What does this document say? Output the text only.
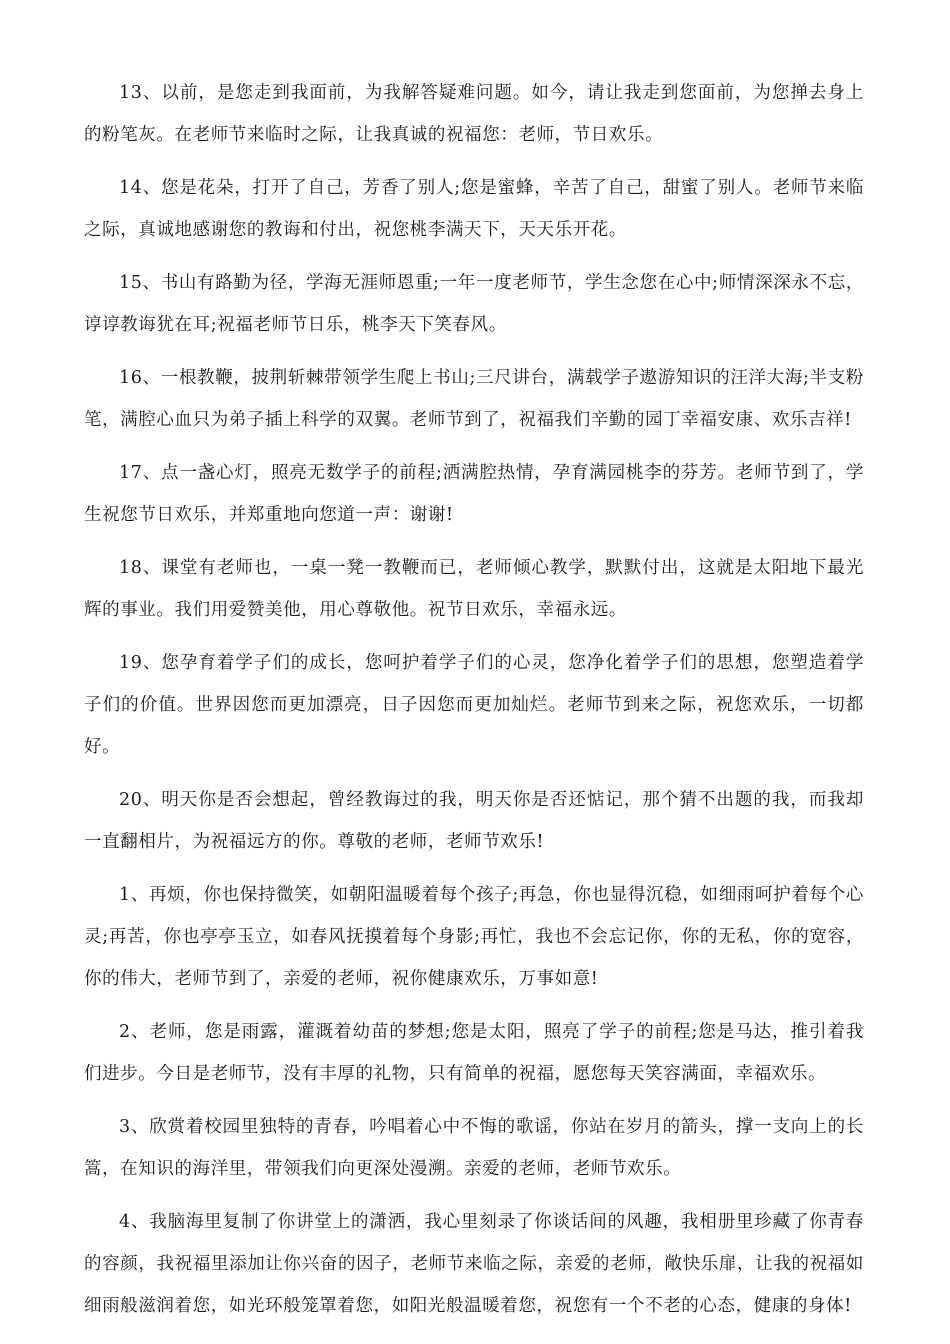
13、以前，是您走到我面前，为我解答疑难问题。如今，请让我走到您面前，为您掸去身上的粉笔灰。在老师节来临时之际，让我真诚的祝福您：老师，节日欢乐。

14、您是花朵，打开了自己，芳香了别人;您是蜜蜂，辛苦了自己，甜蜜了别人。老师节来临之际，真诚地感谢您的教诲和付出，祝您桃李满天下，天天乐开花。

15、书山有路勤为径，学海无涯师恩重;一年一度老师节，学生念您在心中;师情深深永不忘，谆谆教诲犹在耳;祝福老师节日乐，桃李天下笑春风。

16、一根教鞭，披荆斩棘带领学生爬上书山;三尺讲台，满载学子遨游知识的汪洋大海;半支粉笔，满腔心血只为弟子插上科学的双翼。老师节到了，祝福我们辛勤的园丁幸福安康、欢乐吉祥!

17、点一盏心灯，照亮无数学子的前程;洒满腔热情，孕育满园桃李的芬芳。老师节到了，学生祝您节日欢乐，并郑重地向您道一声：谢谢!

18、课堂有老师也，一桌一凳一教鞭而已，老师倾心教学，默默付出，这就是太阳地下最光辉的事业。我们用爱赞美他，用心尊敬他。祝节日欢乐，幸福永远。

19、您孕育着学子们的成长，您呵护着学子们的心灵，您净化着学子们的思想，您塑造着学子们的价值。世界因您而更加漂亮，日子因您而更加灿烂。老师节到来之际，祝您欢乐，一切都好。

20、明天你是否会想起，曾经教诲过的我，明天你是否还惦记，那个猜不出题的我，而我却一直翻相片，为祝福远方的你。尊敬的老师，老师节欢乐!

1、再烦，你也保持微笑，如朝阳温暖着每个孩子;再急，你也显得沉稳，如细雨呵护着每个心灵;再苦，你也亭亭玉立，如春风抚摸着每个身影;再忙，我也不会忘记你，你的无私，你的宽容，你的伟大，老师节到了，亲爱的老师，祝你健康欢乐，万事如意!

2、老师，您是雨露，灌溉着幼苗的梦想;您是太阳，照亮了学子的前程;您是马达，推引着我们进步。今日是老师节，没有丰厚的礼物，只有简单的祝福，愿您每天笑容满面，幸福欢乐。

3、欣赏着校园里独特的青春，吟唱着心中不悔的歌谣，你站在岁月的箭头，撑一支向上的长篙，在知识的海洋里，带领我们向更深处漫溯。亲爱的老师，老师节欢乐。

4、我脑海里复制了你讲堂上的潇洒，我心里刻录了你谈话间的风趣，我相册里珍藏了你青春的容颜，我祝福里添加让你兴奋的因子，老师节来临之际，亲爱的老师，敞快乐扉，让我的祝福如细雨般滋润着您，如光环般笼罩着您，如阳光般温暖着您，祝您有一个不老的心态，健康的身体!
